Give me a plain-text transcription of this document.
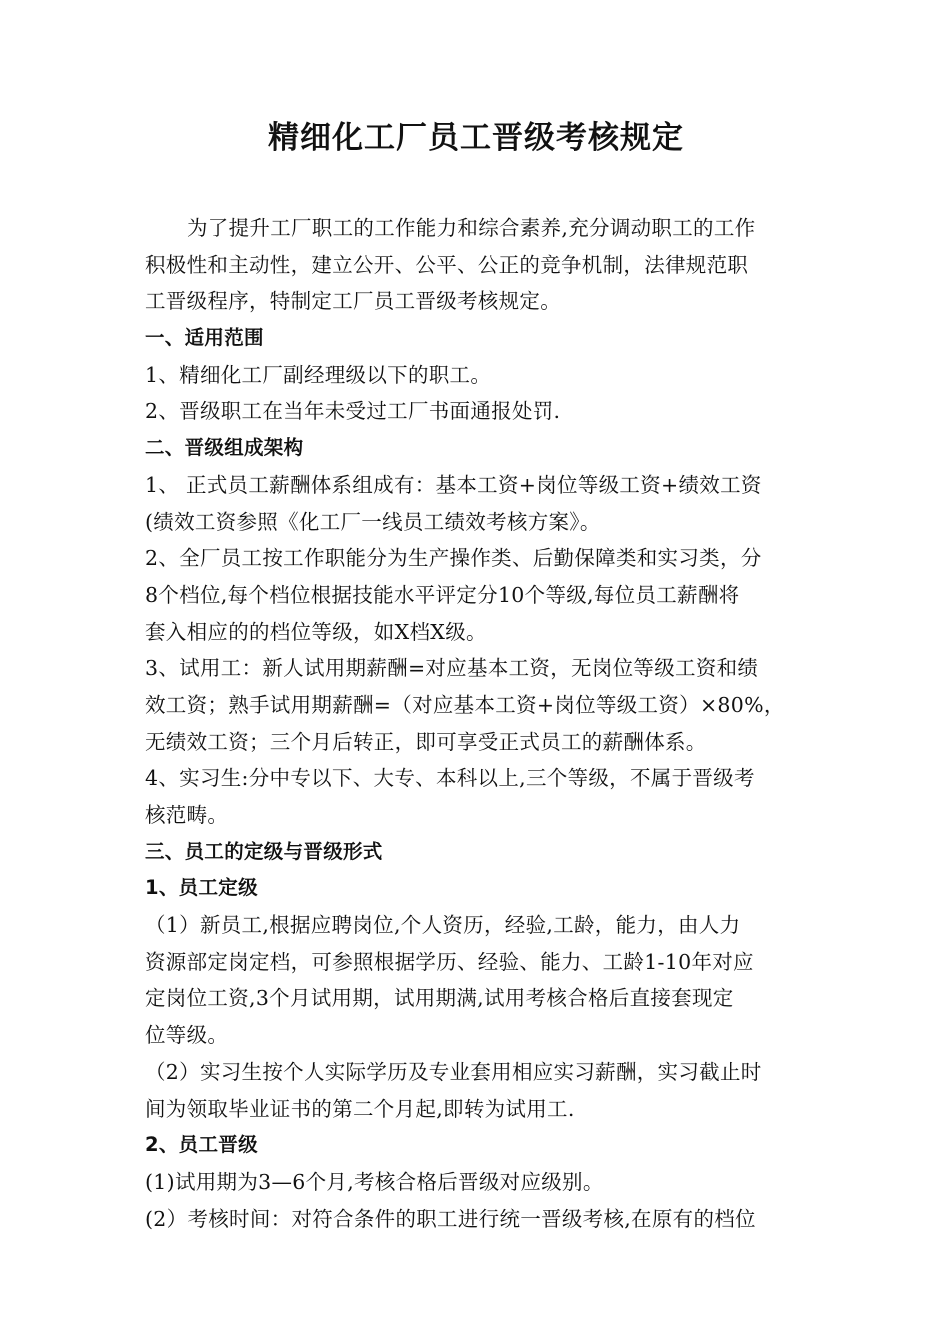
精细化工厂员工晋级考核规定
为了提升工厂职工的工作能力和综合素养,充分调动职工的工作
积极性和主动性，建立公开、公平、公正的竞争机制，法律规范职
工晋级程序，特制定工厂员工晋级考核规定。
一、适用范围
1、精细化工厂副经理级以下的职工。
2、晋级职工在当年未受过工厂书面通报处罚.
二、晋级组成架构
1、 正式员工薪酬体系组成有：基本工资+岗位等级工资+绩效工资
(绩效工资参照《化工厂一线员工绩效考核方案》。
2、全厂员工按工作职能分为生产操作类、后勤保障类和实习类，分
8个档位,每个档位根据技能水平评定分10个等级,每位员工薪酬将
套入相应的的档位等级，如X档X级。
3、试用工：新人试用期薪酬=对应基本工资，无岗位等级工资和绩
效工资；熟手试用期薪酬=（对应基本工资+岗位等级工资）×80%，
无绩效工资；三个月后转正，即可享受正式员工的薪酬体系。
4、实习生:分中专以下、大专、本科以上,三个等级，不属于晋级考
核范畴。
三、员工的定级与晋级形式
1、员工定级
（1）新员工,根据应聘岗位,个人资历，经验,工龄，能力，由人力
资源部定岗定档，可参照根据学历、经验、能力、工龄1-10年对应
定岗位工资,3个月试用期，试用期满,试用考核合格后直接套现定
位等级。
（2）实习生按个人实际学历及专业套用相应实习薪酬，实习截止时
间为领取毕业证书的第二个月起,即转为试用工.
2、员工晋级
(1)试用期为3—6个月,考核合格后晋级对应级别。
(2）考核时间：对符合条件的职工进行统一晋级考核,在原有的档位
